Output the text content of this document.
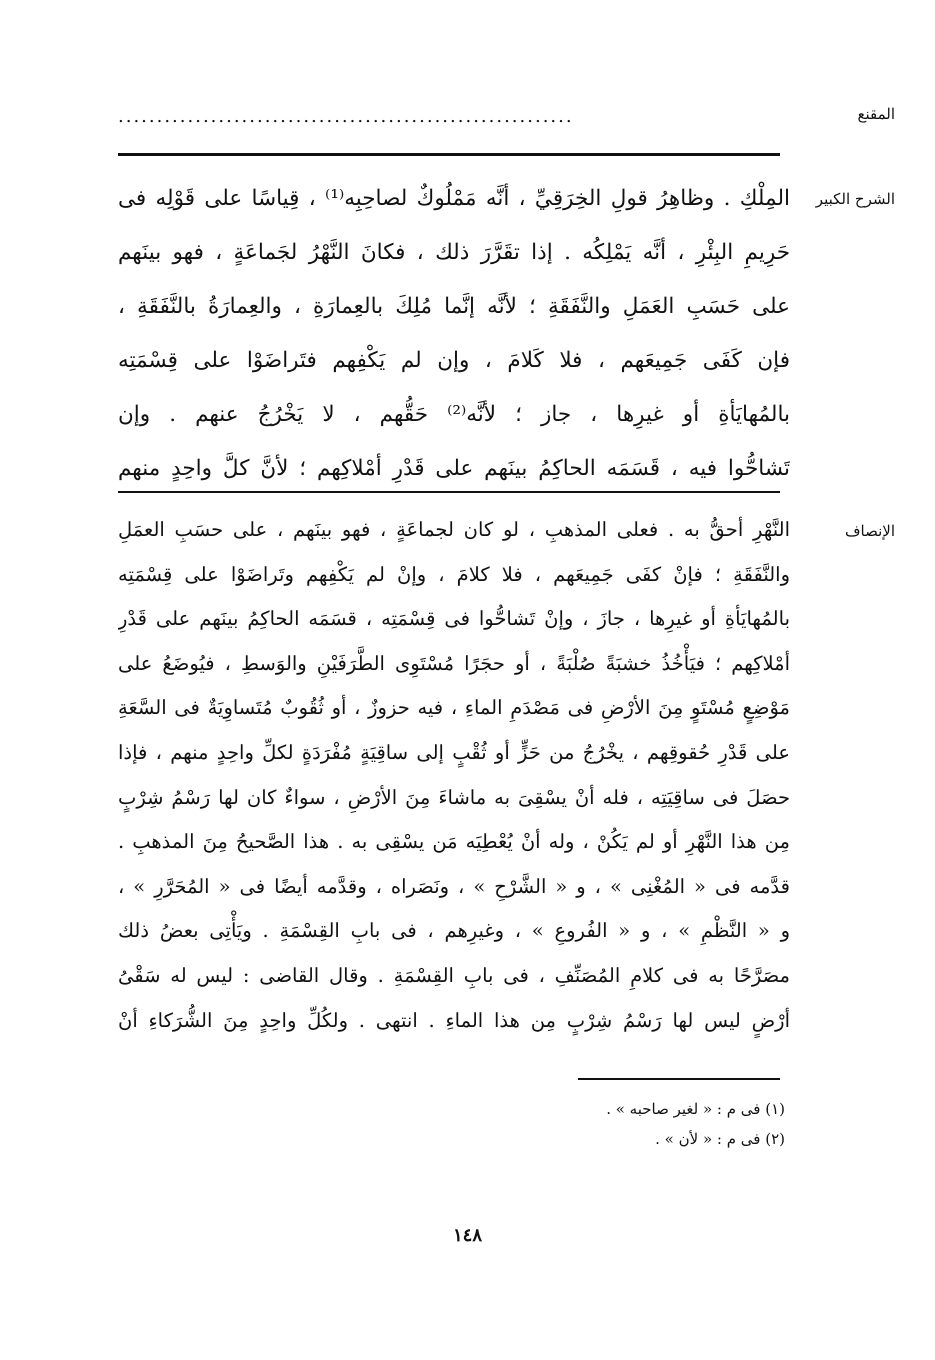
المقنع
...........................................................
الشرح الكبير
المِلْكِ . وظاهِرُ قولِ الخِرَقِيِّ ، أنَّه مَمْلُوكٌ لصاحِبِه⁽¹⁾ ، قِياسًا على قَوْلِه فى
حَرِيمِ البِئْرِ ، أنَّه يَمْلِكُه . إذا تقَرَّرَ ذلك ، فكانَ النَّهْرُ لجَماعَةٍ ، فهو بينَهم
على حَسَبِ العَمَلِ والنَّفَقَةِ ؛ لأنَّه إنَّما مُلِكَ بالعِمارَةِ ، والعِمارَةُ بالنَّفَقَةِ ،
فإن كَفَى جَمِيعَهم ، فلا كَلامَ ، وإن لم يَكْفِهم فتَراضَوْا على قِسْمَتِه
بالمُهايَأةِ أو غيرِها ، جاز ؛ لأنَّه⁽²⁾ حَقُّهم ، لا يَخْرُجُ عنهم . وإن
تَشاحُّوا فيه ، قَسَمَه الحاكِمُ بينَهم على قَدْرِ أمْلاكِهم ؛ لأنَّ كلَّ واحِدٍ منهم
الإنصاف
النَّهْرِ أحقُّ به . فعلى المذهبِ ، لو كان لجماعَةٍ ، فهو بينَهم ، على حسَبِ العمَلِ
والنَّفَقَةِ ؛ فإنْ كفَى جَمِيعَهم ، فلا كلامَ ، وإنْ لم يَكْفِهم وتَراضَوْا على قِسْمَتِه
بالمُهايَأةِ أو غيرِها ، جازَ ، وإنْ تَشاحُّوا فى قِسْمَتِه ، قسَمَه الحاكِمُ بينَهم على قَدْرِ
أمْلاكِهم ؛ فيَأْخُذُ خشبَةً صُلْبَةً ، أو حجَرًا مُسْتَوِى الطَّرَفَيْنِ والوَسطِ ، فيُوضَعُ على
مَوْضِعٍ مُسْتَوٍ مِنَ الأرْضِ فى مَصْدَمِ الماءِ ، فيه حزوزٌ ، أو ثُقُوبٌ مُتَساوِيَةٌ فى السَّعَةِ
على قَدْرِ حُقوقِهم ، يخْرُجُ من حَزٍّ أو ثُقْبٍ إلى ساقِيَةٍ مُفْرَدَةٍ لكلِّ واحِدٍ منهم ، فإذا
حصَلَ فى ساقِيَتِه ، فله أنْ يسْقِىَ به ماشاءَ مِنَ الأرْضِ ، سواءٌ كان لها رَسْمُ شِرْبٍ
مِن هذا النَّهْرِ أو لم يَكُنْ ، وله أنْ يُعْطِيَه مَن يسْقِى به . هذا الصَّحيحُ مِنَ المذهبِ .
قدَّمه فى « المُغْنِى » ، و « الشَّرْحِ » ، ونَصَراه ، وقدَّمه أيضًا فى « المُحَرَّرِ » ،
و « النَّظْمِ » ، و « الفُروعِ » ، وغيرِهم ، فى بابِ القِسْمَةِ . ويَأْتِى بعضُ ذلك
مصَرَّحًا به فى كلامِ المُصَنِّفِ ، فى بابِ القِسْمَةِ . وقال القاضى : ليس له سَقْىُ
أرْضٍ ليس لها رَسْمُ شِرْبٍ مِن هذا الماءِ . انتهى . ولكُلِّ واحِدٍ مِنَ الشُّرَكاءِ أنْ
(١) فى م : « لغير صاحبه » .
(٢) فى م : « لأن » .
١٤٨
